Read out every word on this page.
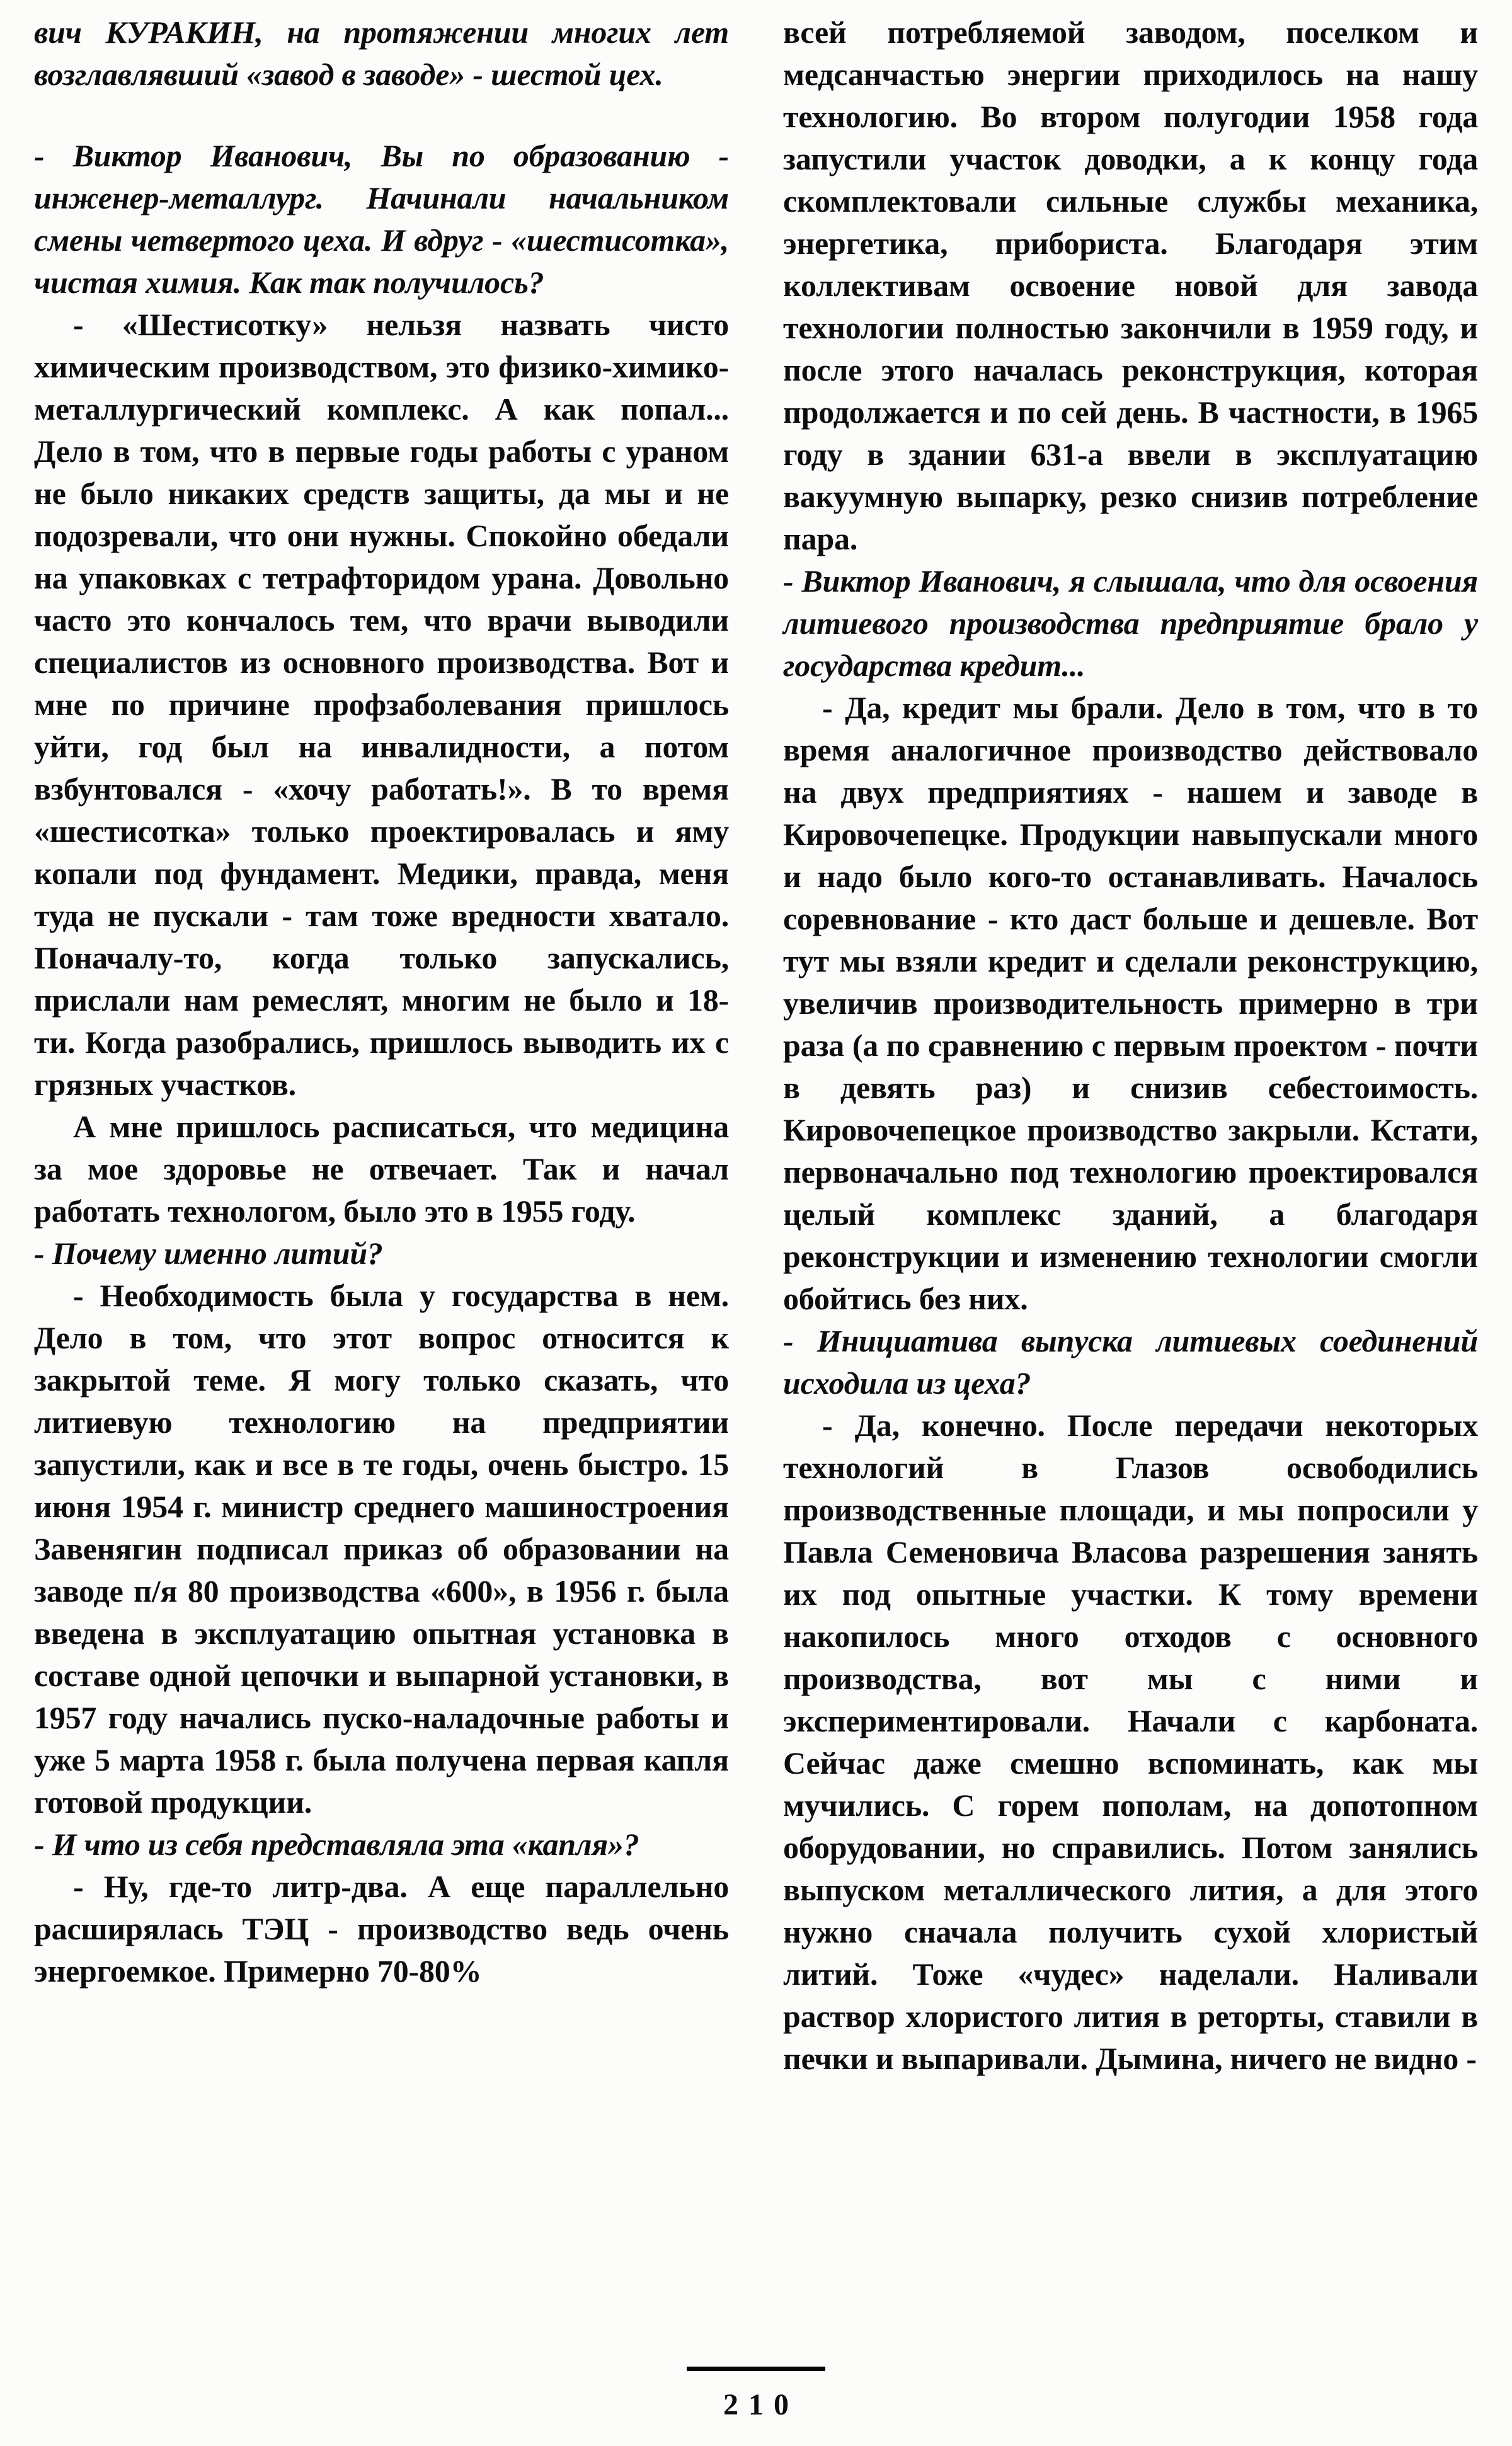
вич КУРАКИН, на протяжении многих лет возглавлявший «завод в заводе» - шестой цех.

- Виктор Иванович, Вы по образованию - инженер-металлург. Начинали начальником смены четвертого цеха. И вдруг - «шестисотка», чистая химия. Как так получилось?

- «Шестисотку» нельзя назвать чисто химическим производством, это физико-химико-металлургический комплекс. А как попал... Дело в том, что в первые годы работы с ураном не было никаких средств защиты, да мы и не подозревали, что они нужны. Спокойно обедали на упаковках с тетрафторидом урана. Довольно часто это кончалось тем, что врачи выводили специалистов из основного производства. Вот и мне по причине профзаболевания пришлось уйти, год был на инвалидности, а потом взбунтовался - «хочу работать!». В то время «шестисотка» только проектировалась и яму копали под фундамент. Медики, правда, меня туда не пускали - там тоже вредности хватало. Поначалу-то, когда только запускались, прислали нам ремеслят, многим не было и 18-ти. Когда разобрались, пришлось выводить их с грязных участков.

А мне пришлось расписаться, что медицина за мое здоровье не отвечает. Так и начал работать технологом, было это в 1955 году.

- Почему именно литий?

- Необходимость была у государства в нем. Дело в том, что этот вопрос относится к закрытой теме. Я могу только сказать, что литиевую технологию на предприятии запустили, как и все в те годы, очень быстро. 15 июня 1954 г. министр среднего машиностроения Завенягин подписал приказ об образовании на заводе п/я 80 производства «600», в 1956 г. была введена в эксплуатацию опытная установка в составе одной цепочки и выпарной установки, в 1957 году начались пуско-наладочные работы и уже 5 марта 1958 г. была получена первая капля готовой продукции.

- И что из себя представляла эта «капля»?

- Ну, где-то литр-два. А еще параллельно расширялась ТЭЦ - производство ведь очень энергоемкое. Примерно 70-80%

всей потребляемой заводом, поселком и медсанчастью энергии приходилось на нашу технологию. Во втором полугодии 1958 года запустили участок доводки, а к концу года скомплектовали сильные службы механика, энергетика, прибориста. Благодаря этим коллективам освоение новой для завода технологии полностью закончили в 1959 году, и после этого началась реконструкция, которая продолжается и по сей день. В частности, в 1965 году в здании 631-а ввели в эксплуатацию вакуумную выпарку, резко снизив потребление пара.

- Виктор Иванович, я слышала, что для освоения литиевого производства предприятие брало у государства кредит...

- Да, кредит мы брали. Дело в том, что в то время аналогичное производство действовало на двух предприятиях - нашем и заводе в Кировочепецке. Продукции навыпускали много и надо было кого-то останавливать. Началось соревнование - кто даст больше и дешевле. Вот тут мы взяли кредит и сделали реконструкцию, увеличив производительность примерно в три раза (а по сравнению с первым проектом - почти в девять раз) и снизив себестоимость. Кировочепецкое производство закрыли. Кстати, первоначально под технологию проектировался целый комплекс зданий, а благодаря реконструкции и изменению технологии смогли обойтись без них.

- Инициатива выпуска литиевых соединений исходила из цеха?

- Да, конечно. После передачи некоторых технологий в Глазов освободились производственные площади, и мы попросили у Павла Семеновича Власова разрешения занять их под опытные участки. К тому времени накопилось много отходов с основного производства, вот мы с ними и экспериментировали. Начали с карбоната. Сейчас даже смешно вспоминать, как мы мучились. С горем пополам, на допотопном оборудовании, но справились. Потом занялись выпуском металлического лития, а для этого нужно сначала получить сухой хлористый литий. Тоже «чудес» наделали. Наливали раствор хлористого лития в реторты, ставили в печки и выпаривали. Дымина, ничего не видно -

210
